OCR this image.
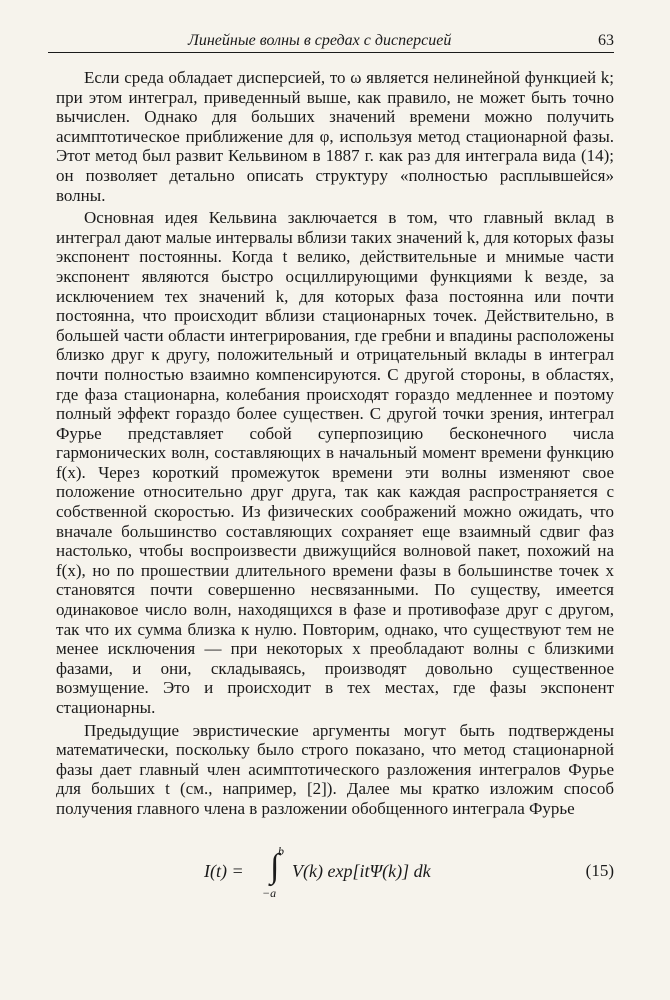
Линейные волны в средах с дисперсией	63

Если среда обладает дисперсией, то ω является нелинейной функцией k; при этом интеграл, приведенный выше, как правило, не может быть точно вычислен. Однако для больших значений времени можно получить асимптотическое приближение для φ, используя метод стационарной фазы. Этот метод был развит Кельвином в 1887 г. как раз для интеграла вида (14); он позволяет детально описать структуру «полностью расплывшейся» волны.

Основная идея Кельвина заключается в том, что главный вклад в интеграл дают малые интервалы вблизи таких значений k, для которых фазы экспонент постоянны. Когда t велико, действительные и мнимые части экспонент являются быстро осциллирующими функциями k везде, за исключением тех значений k, для которых фаза постоянна или почти постоянна, что происходит вблизи стационарных точек. Действительно, в большей части области интегрирования, где гребни и впадины расположены близко друг к другу, положительный и отрицательный вклады в интеграл почти полностью взаимно компенсируются. С другой стороны, в областях, где фаза стационарна, колебания происходят гораздо медленнее и поэтому полный эффект гораздо более существен. С другой точки зрения, интеграл Фурье представляет собой суперпозицию бесконечного числа гармонических волн, составляющих в начальный момент времени функцию f(x). Через короткий промежуток времени эти волны изменяют свое положение относительно друг друга, так как каждая распространяется с собственной скоростью. Из физических соображений можно ожидать, что вначале большинство составляющих сохраняет еще взаимный сдвиг фаз настолько, чтобы воспроизвести движущийся волновой пакет, похожий на f(x), но по прошествии длительного времени фазы в большинстве точек x становятся почти совершенно несвязанными. По существу, имеется одинаковое число волн, находящихся в фазе и противофазе друг с другом, так что их сумма близка к нулю. Повторим, однако, что существуют тем не менее исключения — при некоторых x преобладают волны с близкими фазами, и они, складываясь, производят довольно существенное возмущение. Это и происходит в тех местах, где фазы экспонент стационарны.

Предыдущие эвристические аргументы могут быть подтверждены математически, поскольку было строго показано, что метод стационарной фазы дает главный член асимптотического разложения интегралов Фурье для больших t (см., например, [2]). Далее мы кратко изложим способ получения главного члена в разложении обобщенного интеграла Фурье

I(t) =
b
∫
−a
V(k) exp[itΨ(k)] dk	(15)
